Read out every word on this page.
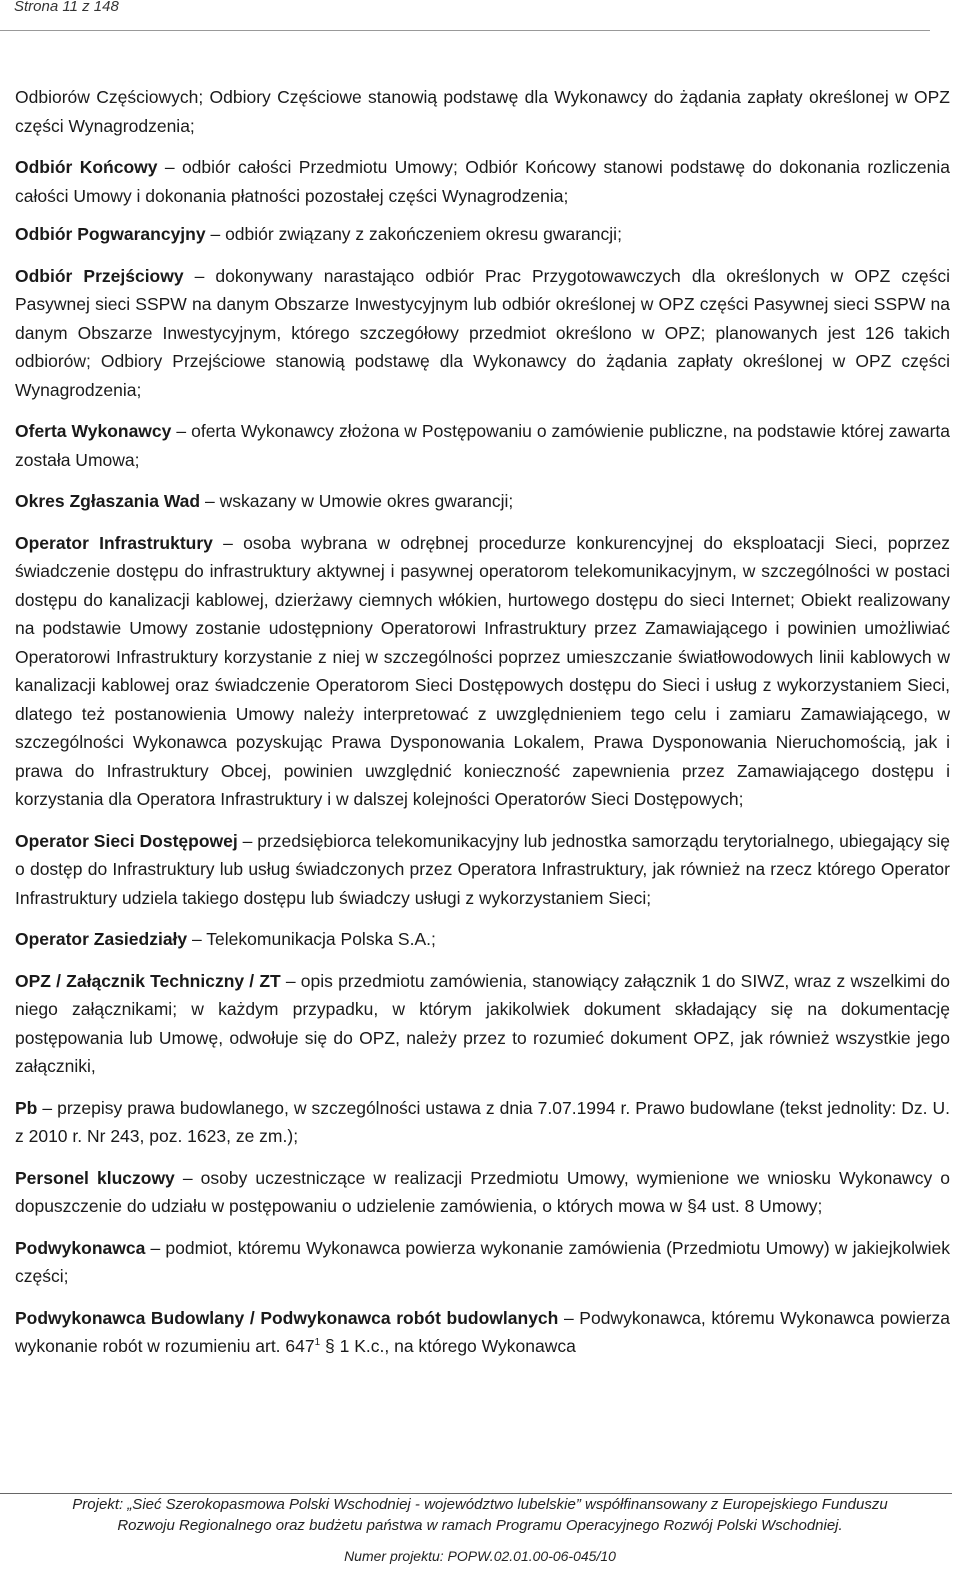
Strona 11 z 148

Odbiorów Częściowych; Odbiory Częściowe stanowią podstawę dla Wykonawcy do żądania zapłaty określonej w OPZ części Wynagrodzenia;

Odbiór Końcowy – odbiór całości Przedmiotu Umowy; Odbiór Końcowy stanowi podstawę do dokonania rozliczenia całości Umowy i dokonania płatności pozostałej części Wynagrodzenia;

Odbiór Pogwarancyjny – odbiór związany z zakończeniem okresu gwarancji;

Odbiór Przejściowy – dokonywany narastająco odbiór Prac Przygotowawczych dla określonych w OPZ części Pasywnej sieci SSPW na danym Obszarze Inwestycyjnym lub odbiór określonej w OPZ części Pasywnej sieci SSPW na danym Obszarze Inwestycyjnym, którego szczegółowy przedmiot określono w OPZ; planowanych jest 126 takich odbiorów; Odbiory Przejściowe stanowią podstawę dla Wykonawcy do żądania zapłaty określonej w OPZ części Wynagrodzenia;

Oferta Wykonawcy – oferta Wykonawcy złożona w Postępowaniu o zamówienie publiczne, na podstawie której zawarta została Umowa;

Okres Zgłaszania Wad – wskazany w Umowie okres gwarancji;

Operator Infrastruktury – osoba wybrana w odrębnej procedurze konkurencyjnej do eksploatacji Sieci, poprzez świadczenie dostępu do infrastruktury aktywnej i pasywnej operatorom telekomunikacyjnym, w szczególności w postaci dostępu do kanalizacji kablowej, dzierżawy ciemnych włókien, hurtowego dostępu do sieci Internet; Obiekt realizowany na podstawie Umowy zostanie udostępniony Operatorowi Infrastruktury przez Zamawiającego i powinien umożliwiać Operatorowi Infrastruktury korzystanie z niej w szczególności poprzez umieszczanie światłowodowych linii kablowych w kanalizacji kablowej oraz świadczenie Operatorom Sieci Dostępowych dostępu do Sieci i usług z wykorzystaniem Sieci, dlatego też postanowienia Umowy należy interpretować z uwzględnieniem tego celu i zamiaru Zamawiającego, w szczególności Wykonawca pozyskując Prawa Dysponowania Lokalem, Prawa Dysponowania Nieruchomością, jak i prawa do Infrastruktury Obcej, powinien uwzględnić konieczność zapewnienia przez Zamawiającego dostępu i korzystania dla Operatora Infrastruktury i w dalszej kolejności Operatorów Sieci Dostępowych;

Operator Sieci Dostępowej – przedsiębiorca telekomunikacyjny lub jednostka samorządu terytorialnego, ubiegający się o dostęp do Infrastruktury lub usług świadczonych przez Operatora Infrastruktury, jak również na rzecz którego Operator Infrastruktury udziela takiego dostępu lub świadczy usługi z wykorzystaniem Sieci;

Operator Zasiedziały – Telekomunikacja Polska S.A.;

OPZ / Załącznik Techniczny / ZT – opis przedmiotu zamówienia, stanowiący załącznik 1 do SIWZ, wraz z wszelkimi do niego załącznikami; w każdym przypadku, w którym jakikolwiek dokument składający się na dokumentację postępowania lub Umowę, odwołuje się do OPZ, należy przez to rozumieć dokument OPZ, jak również wszystkie jego załączniki,

Pb – przepisy prawa budowlanego, w szczególności ustawa z dnia 7.07.1994 r. Prawo budowlane (tekst jednolity: Dz. U. z 2010 r. Nr 243, poz. 1623, ze zm.);

Personel kluczowy – osoby uczestniczące w realizacji Przedmiotu Umowy, wymienione we wniosku Wykonawcy o dopuszczenie do udziału w postępowaniu o udzielenie zamówienia, o których mowa w §4 ust. 8 Umowy;

Podwykonawca – podmiot, któremu Wykonawca powierza wykonanie zamówienia (Przedmiotu Umowy) w jakiejkolwiek części;

Podwykonawca Budowlany / Podwykonawca robót budowlanych – Podwykonawca, któremu Wykonawca powierza wykonanie robót w rozumieniu art. $647^1$ § 1 K.c., na którego Wykonawca

Projekt: „Sieć Szerokopasmowa Polski Wschodniej - województwo lubelskie” współfinansowany z Europejskiego Funduszu
Rozwoju Regionalnego oraz budżetu państwa w ramach Programu Operacyjnego Rozwój Polski Wschodniej.
Numer projektu: POPW.02.01.00-06-045/10
